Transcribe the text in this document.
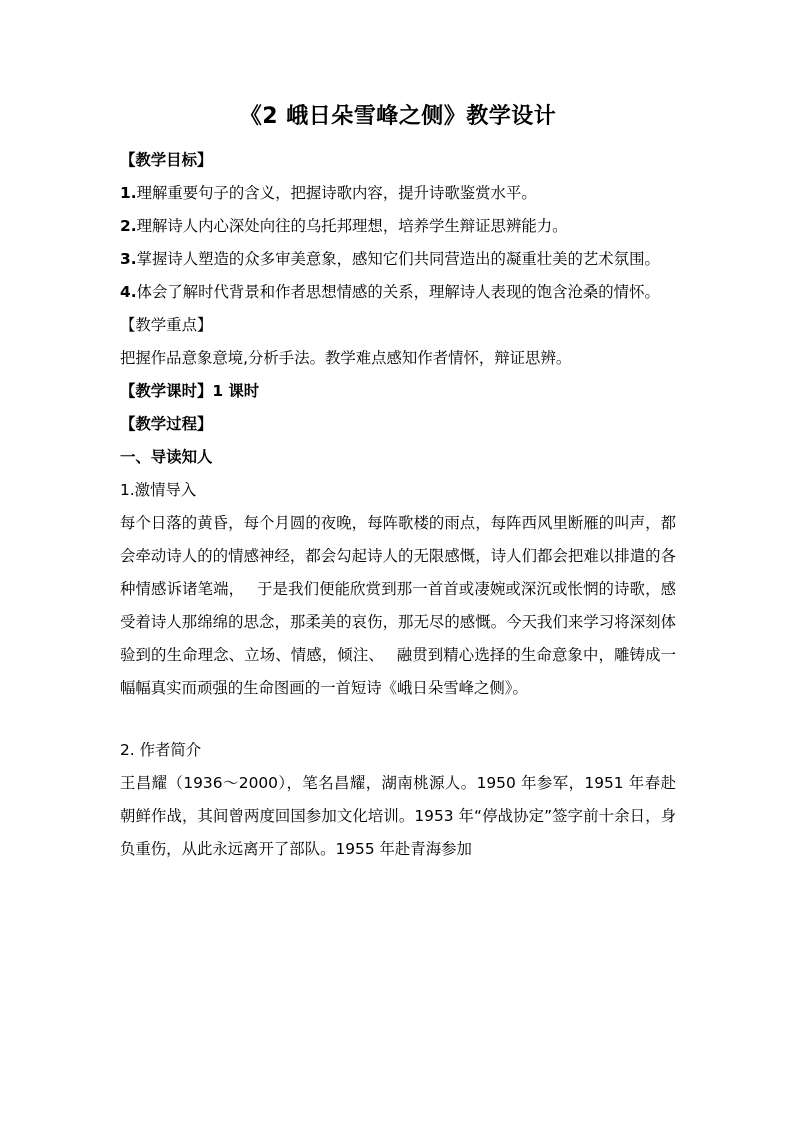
《2 峨日朵雪峰之侧》教学设计

【教学目标】

1.理解重要句子的含义，把握诗歌内容，提升诗歌鉴赏水平。

2.理解诗人内心深处向往的乌托邦理想，培养学生辩证思辨能力。

3.掌握诗人塑造的众多审美意象，感知它们共同营造出的凝重壮美的艺术氛围。

4.体会了解时代背景和作者思想情感的关系，理解诗人表现的饱含沧桑的情怀。

【教学重点】

把握作品意象意境,分析手法。教学难点感知作者情怀，辩证思辨。

【教学课时】1 课时

【教学过程】

一、导读知人

1.激情导入

每个日落的黄昏，每个月圆的夜晚，每阵歌楼的雨点，每阵西风里断雁的叫声，都会牵动诗人的的情感神经，都会勾起诗人的无限感慨，诗人们都会把难以排遣的各种情感诉诸笔端，　 于是我们便能欣赏到那一首首或凄婉或深沉或怅惘的诗歌，感受着诗人那绵绵的思念，那柔美的哀伤，那无尽的感慨。今天我们来学习将深刻体验到的生命理念、立场、情感，倾注、　 融贯到精心选择的生命意象中，雕铸成一幅幅真实而顽强的生命图画的一首短诗《峨日朵雪峰之侧》。

2. 作者简介

王昌耀（1936～2000），笔名昌耀，湖南桃源人。1950 年参军，1951 年春赴朝鲜作战，其间曾两度回国参加文化培训。1953 年“停战协定”签字前十余日，身负重伤，从此永远离开了部队。1955 年赴青海参加
